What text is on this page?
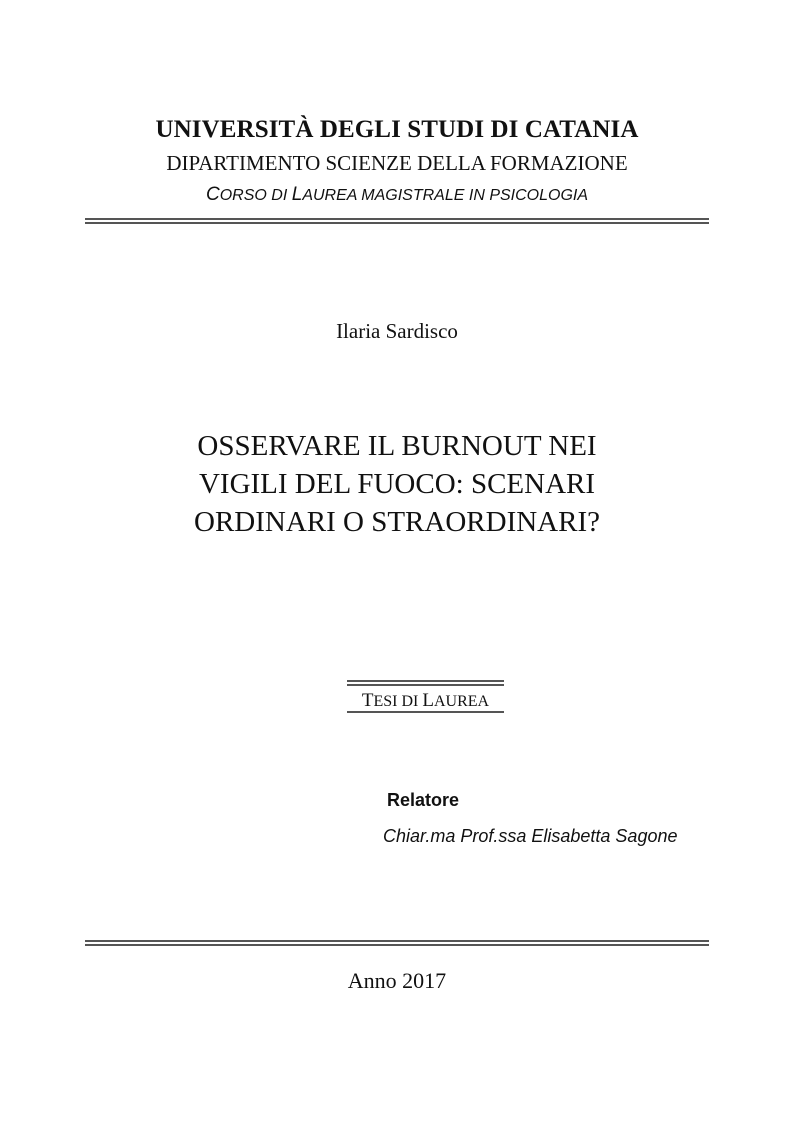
UNIVERSITÀ DEGLI STUDI DI CATANIA
DIPARTIMENTO SCIENZE DELLA FORMAZIONE
CORSO DI LAUREA MAGISTRALE IN PSICOLOGIA
Ilaria Sardisco
OSSERVARE IL BURNOUT NEI
VIGILI DEL FUOCO: SCENARI
ORDINARI O STRAORDINARI?
TESI DI LAUREA
Relatore
Chiar.ma Prof.ssa Elisabetta Sagone
Anno 2017
